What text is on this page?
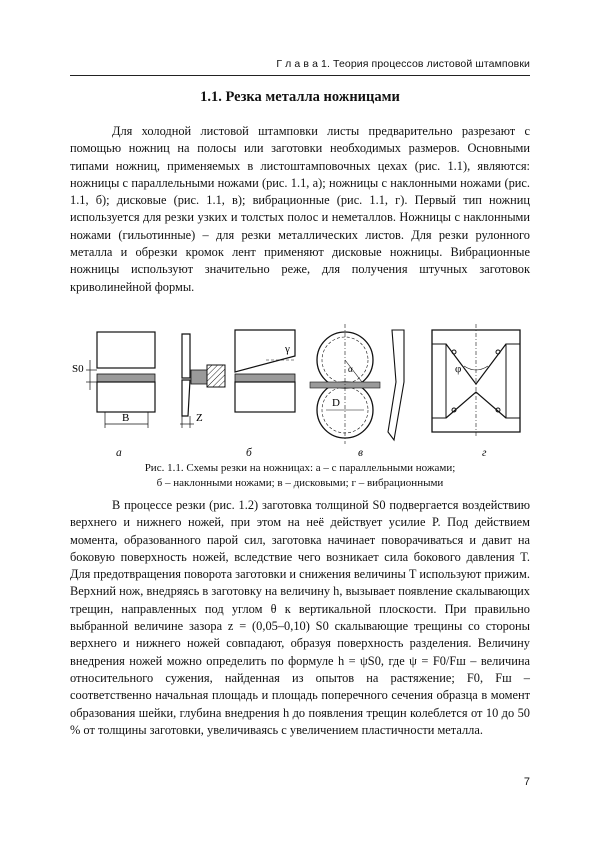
Г л а в а 1. Теория процессов листовой штамповки
1.1. Резка металла ножницами

Для холодной листовой штамповки листы предварительно разрезают с помощью ножниц на полосы или заготовки необходимых размеров. Основными типами ножниц, применяемых в листоштамповочных цехах (рис. 1.1), являются: ножницы с параллельными ножами (рис. 1.1, а); ножницы с наклонными ножами (рис. 1.1, б); дисковые (рис. 1.1, в); вибрационные (рис. 1.1, г). Первый тип ножниц используется для резки узких и толстых полос и неметаллов. Ножницы с наклонными ножами (гильотинные) – для резки металлических листов. Для резки рулонного металла и обрезки кромок лент применяют дисковые ножницы. Вибрационные ножницы используют значительно реже, для получения штучных заготовок криволинейной формы.

S0
B	Z
γ
α
D
φ
а	б	в	г
Рис. 1.1. Схемы резки на ножницах: а – с параллельными ножами;
б – наклонными ножами; в – дисковыми; г – вибрационными

В процессе резки (рис. 1.2) заготовка толщиной S0 подвергается воздействию верхнего и нижнего ножей, при этом на неё действует усилие P. Под действием момента, образованного парой сил, заготовка начинает поворачиваться и давит на боковую поверхность ножей, вследствие чего возникает сила бокового давления T. Для предотвращения поворота заготовки и снижения величины T используют прижим. Верхний нож, внедряясь в заготовку на величину h, вызывает появление скалывающих трещин, направленных под углом θ к вертикальной плоскости. При правильно выбранной величине зазора z = (0,05–0,10) S0 скалывающие трещины со стороны верхнего и нижнего ножей совпадают, образуя поверхность разделения. Величину внедрения ножей можно определить по формуле h = ψS0, где ψ = F0/Fш – величина относительного сужения, найденная из опытов на растяжение; F0, Fш – соответственно начальная площадь и площадь поперечного сечения образца в момент образования шейки, глубина внедрения h до появления трещин колеблется от 10 до 50 % от толщины заготовки, увеличиваясь с увеличением пластичности металла.

7
